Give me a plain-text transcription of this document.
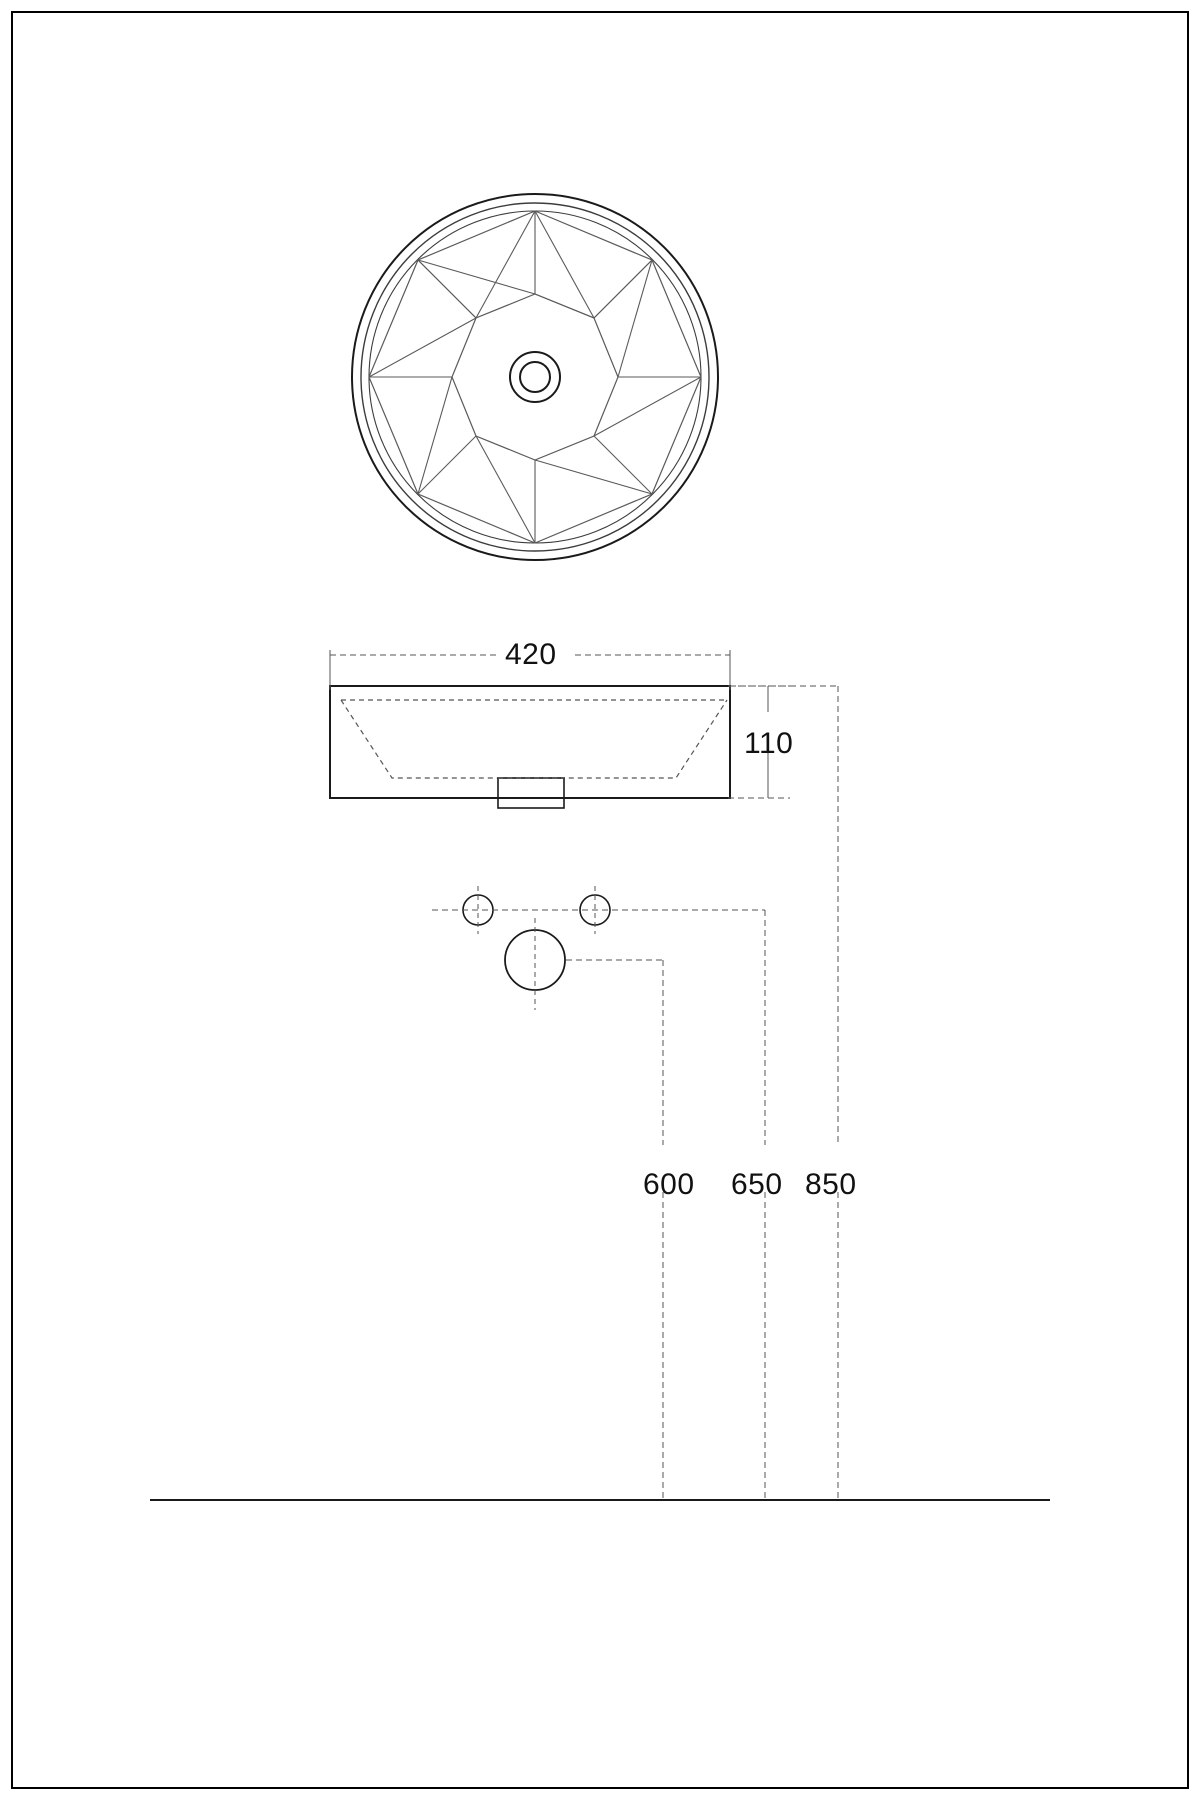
420
110
600 650 850
